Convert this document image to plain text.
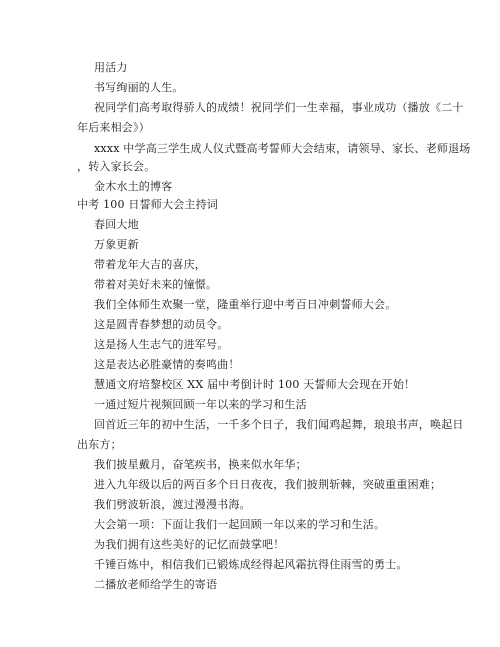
用活力
书写绚丽的人生。
祝同学们高考取得骄人的成绩！祝同学们一生幸福，事业成功（播放《二十
年后来相会》）
xxxx 中学高三学生成人仪式暨高考誓师大会结束，请领导、家长、老师退场
，转入家长会。
金木水土的博客
中考 100 日誓师大会主持词
春回大地
万象更新
带着龙年大吉的喜庆，
带着对美好未来的憧憬。
我们全体师生欢聚一堂，隆重举行迎中考百日冲刺誓师大会。
这是圆青春梦想的动员令。
这是扬人生志气的进军号。
这是表达必胜豪情的奏鸣曲！
慧通文府培黎校区 XX 届中考倒计时 100 天誓师大会现在开始！
一通过短片视频回顾一年以来的学习和生活
回首近三年的初中生活，一千多个日子，我们闻鸡起舞，琅琅书声，唤起日
出东方；
我们披星戴月，奋笔疾书，换来似水年华；
进入九年级以后的两百多个日日夜夜，我们披荆斩棘，突破重重困难；
我们劈波斩浪，渡过漫漫书海。
大会第一项：下面让我们一起回顾一年以来的学习和生活。
为我们拥有这些美好的记忆而鼓掌吧！
千锤百炼中，相信我们已锻炼成经得起风霜抗得住雨雪的勇士。
二播放老师给学生的寄语
